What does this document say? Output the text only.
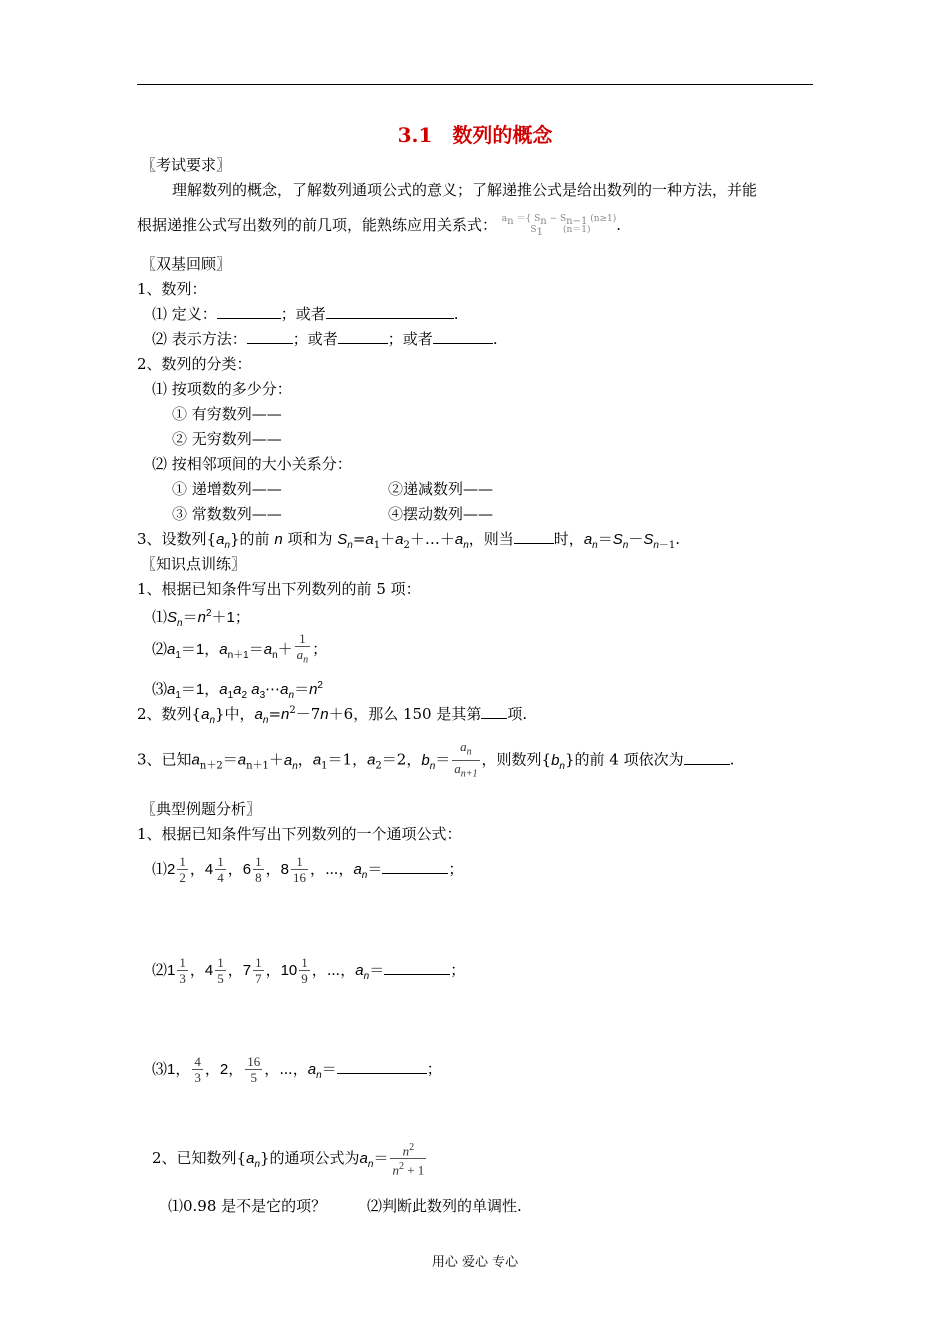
3.1　数列的概念
〖考试要求〗
理解数列的概念，了解数列通项公式的意义；了解递推公式是给出数列的一种方法，并能
根据递推公式写出数列的前几项，能熟练应用关系式： $a_n$ ＝{ $S_n - S_{n-1}$ (n≥1)
$S_1$       (n＝1) .
〖双基回顾〗
1、数列：
⑴ 定义：	；或者	.
⑵ 表示方法：	；或者	；或者	.
2、数列的分类：
⑴ 按项数的多少分：
① 有穷数列——
② 无穷数列——
⑵ 按相邻项间的大小关系分：
① 递增数列——	②递减数列——
③ 常数数列——	④摆动数列——
3、设数列$\{a_n\}$的前 n 项和为 $S_n=a_1+a_2+\dots+a_n$，则当	时，$a_n=S_n-S_{n-1}$.
〖知识点训练〗
1、根据已知条件写出下列数列的前 5 项：
$⑴S_n=n^2+1$；
$⑵a_1=1$，$a_{n+1}=a_n+ \frac{1}{a_n}$ ；
$⑶a_1=1$，$a_1a_2$ $a_3\cdots a_n=n^2$
2、数列$\{a_n\}$中，$a_n=n^2-7n+6$，那么 150 是其第 项.
3、已知$a_{n+2}=a_{n+1}+a_n$，$a_1=1$，$a_2=2$，$b_n= \frac{a_n}{a_{n+1}}$ ，则数列$\{b_n\}$的前 4 项依次为	.
〖典型例题分析〗
1、根据已知条件写出下列数列的一个通项公式：
⑴2 $\frac{1}{2}$ ，$4 \frac{1}{4}$ ，$6 \frac{1}{8}$ ，$8 \frac{1}{16}$ ，⋯，$a_n=$	；
⑵1 $\frac{1}{3}$ ，$4 \frac{1}{5}$ ，$7 \frac{1}{7}$ ，$10 \frac{1}{9}$ ，⋯，$a_n=$	；
⑶1， $\frac{4}{3}$ ，2， $\frac{16}{5}$ ，⋯，$a_n=$	；
2、已知数列$\{a_n\}$的通项公式为$a_n= \frac{n^2}{n^2 + 1}$
⑴0.98 是不是它的项？	⑵判断此数列的单调性.
用心 爱心 专心
